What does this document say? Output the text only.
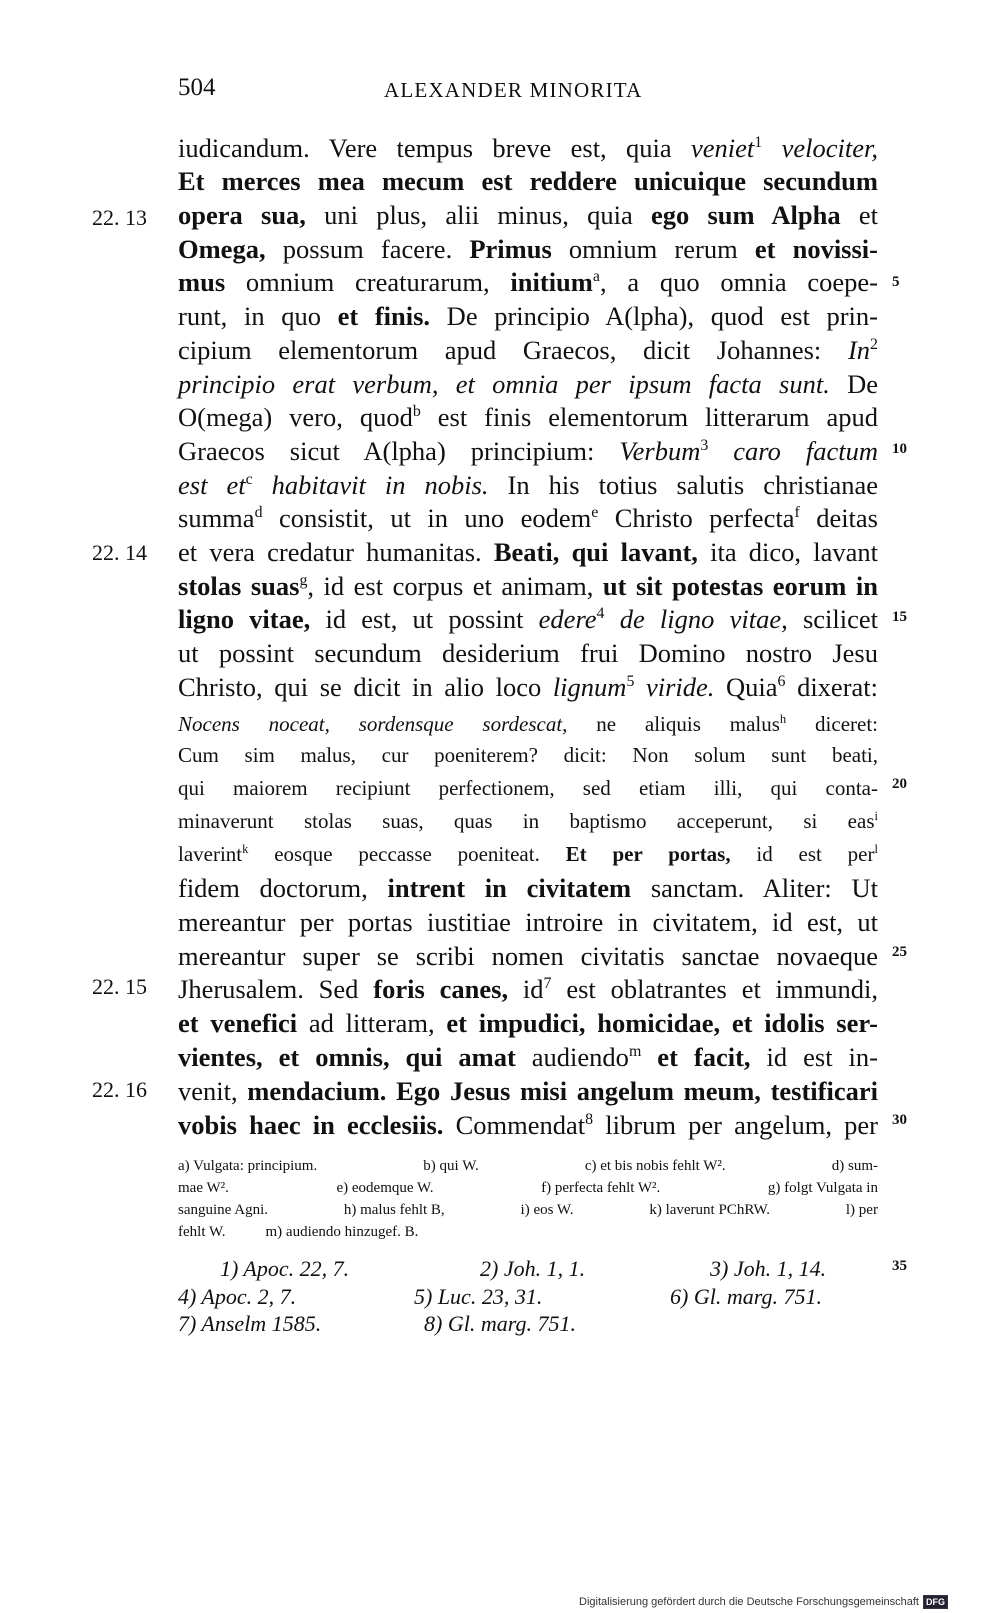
504	ALEXANDER MINORITA
22. 13
22. 14
22. 15
22. 16
5
10
15
20
25
30
35
iudicandum. Vere tempus breve est, quia veniet$^1$ velociter,
Et merces mea mecum est reddere unicuique secundum
opera sua, uni plus, alii minus, quia ego sum Alpha et
Omega, possum facere. Primus omnium rerum et novissi-
mus omnium creaturarum, initium$^a$, a quo omnia coepe-
runt, in quo et finis. De principio A(lpha), quod est prin-
cipium elementorum apud Graecos, dicit Johannes: In$^2$
principio erat verbum, et omnia per ipsum facta sunt. De
O(mega) vero, quod$^b$ est finis elementorum litterarum apud
Graecos sicut A(lpha) principium: Verbum$^3$ caro factum
est $et^c$ habitavit in nobis. In his totius salutis christianae
summa$^d$ consistit, ut in uno eodem$^e$ Christo perfecta$^f$ deitas
et vera credatur humanitas. Beati, qui lavant, ita dico, lavant
stolas suas$^g$, id est corpus et animam, ut sit potestas eorum in
ligno vitae, id est, ut possint edere$^4$ de ligno vitae, scilicet
ut possint secundum desiderium frui Domino nostro Jesu
Christo, qui se dicit in alio loco lignum$^5$ viride. Quia$^6$ dixerat:
Nocens noceat, sordensque sordescat, ne aliquis malus$^h$ diceret:
Cum sim malus, cur poeniterem? dicit: Non solum sunt beati,
qui maiorem recipiunt perfectionem, sed etiam illi, qui conta-
minaverunt stolas suas, quas in baptismo acceperunt, si eas$^i$
laverint$^k$ eosque peccasse poeniteat. Et per portas, id est per$^l$
fidem doctorum, intrent in civitatem sanctam. Aliter: Ut
mereantur per portas iustitiae introire in civitatem, id est, ut
mereantur super se scribi nomen civitatis sanctae novaeque
Jherusalem. Sed foris canes, $id^7$ est oblatrantes et immundi,
et venefici ad litteram, et impudici, homicidae, et idolis ser-
vientes, et omnis, qui amat audiendo$^m$ et facit, id est in-
venit, mendacium. Ego Jesus misi angelum meum, testificari
vobis haec in ecclesiis. Commendat$^8$ librum per angelum, per
a) Vulgata: principium.	b) qui W.	c) et bis nobis fehlt W².	d) sum-
mae W².	e) eodemque W.	f) perfecta fehlt W².	g) folgt Vulgata in
sanguine Agni.	h) malus fehlt B,	i) eos W.	k) laverunt PChRW.	l) per
fehlt W.	m) audiendo hinzugef. B.
1) Apoc. 22, 7.	2) Joh. 1, 1.	3) Joh. 1, 14.
4) Apoc. 2, 7.	5) Luc. 23, 31.	6) Gl. marg. 751.
7) Anselm 1585.	8) Gl. marg. 751.
Digitalisierung gefördert durch die Deutsche Forschungsgemeinschaft DFG
